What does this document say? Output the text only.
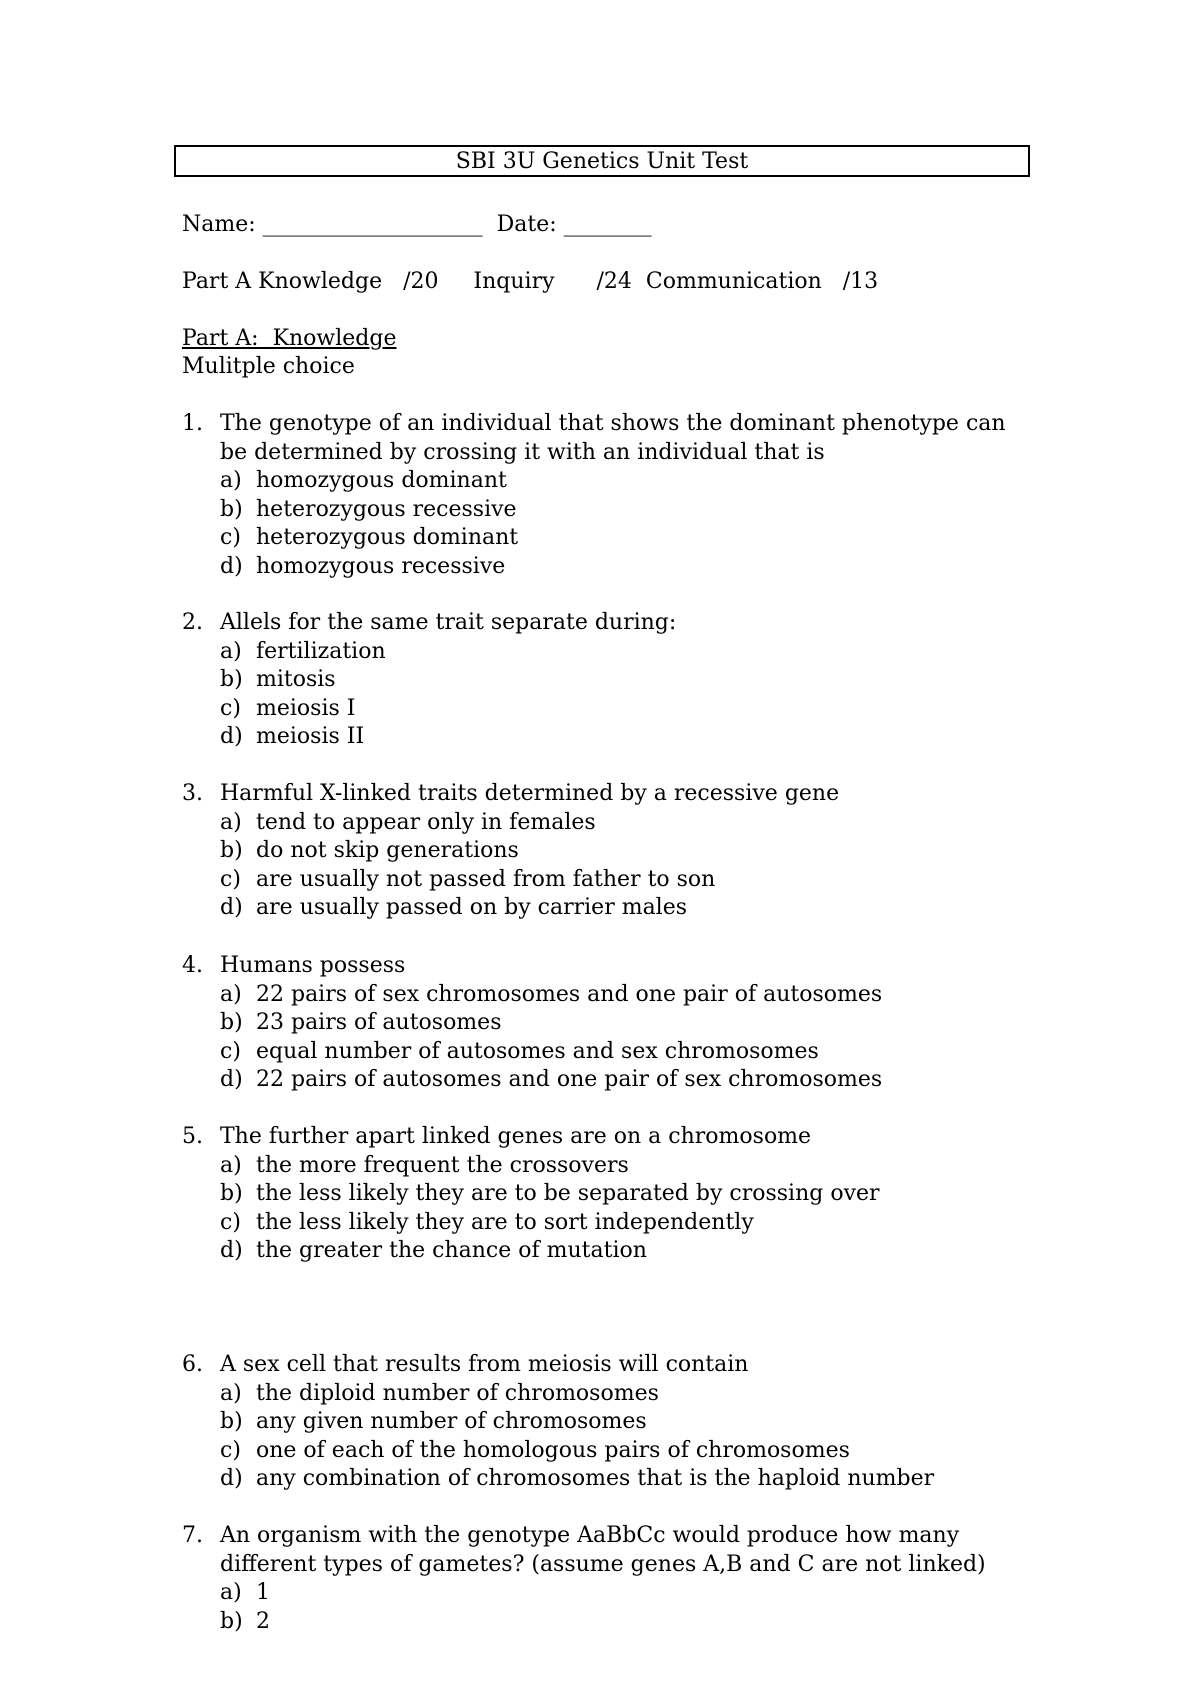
SBI 3U Genetics Unit Test
Name: ____________________  Date: ________
Part A Knowledge   /20     Inquiry      /24  Communication   /13
Part A:  Knowledge
Mulitple choice
1. The genotype of an individual that shows the dominant phenotype can be determined by crossing it with an individual that is
a) homozygous dominant
b) heterozygous recessive
c) heterozygous dominant
d) homozygous recessive
2. Allels for the same trait separate during:
a) fertilization
b) mitosis
c) meiosis I
d) meiosis II
3. Harmful X-linked traits determined by a recessive gene
a) tend to appear only in females
b) do not skip generations
c) are usually not passed from father to son
d) are usually passed on by carrier males
4. Humans possess
a) 22 pairs of sex chromosomes and one pair of autosomes
b) 23 pairs of autosomes
c) equal number of autosomes and sex chromosomes
d) 22 pairs of autosomes and one pair of sex chromosomes
5. The further apart linked genes are on a chromosome
a) the more frequent the crossovers
b) the less likely they are to be separated by crossing over
c) the less likely they are to sort independently
d) the greater the chance of mutation
6. A sex cell that results from meiosis will contain
a) the diploid number of chromosomes
b) any given number of chromosomes
c) one of each of the homologous pairs of chromosomes
d) any combination of chromosomes that is the haploid number
7. An organism with the genotype AaBbCc would produce how many different types of gametes? (assume genes A,B and C are not linked)
a) 1
b) 2
